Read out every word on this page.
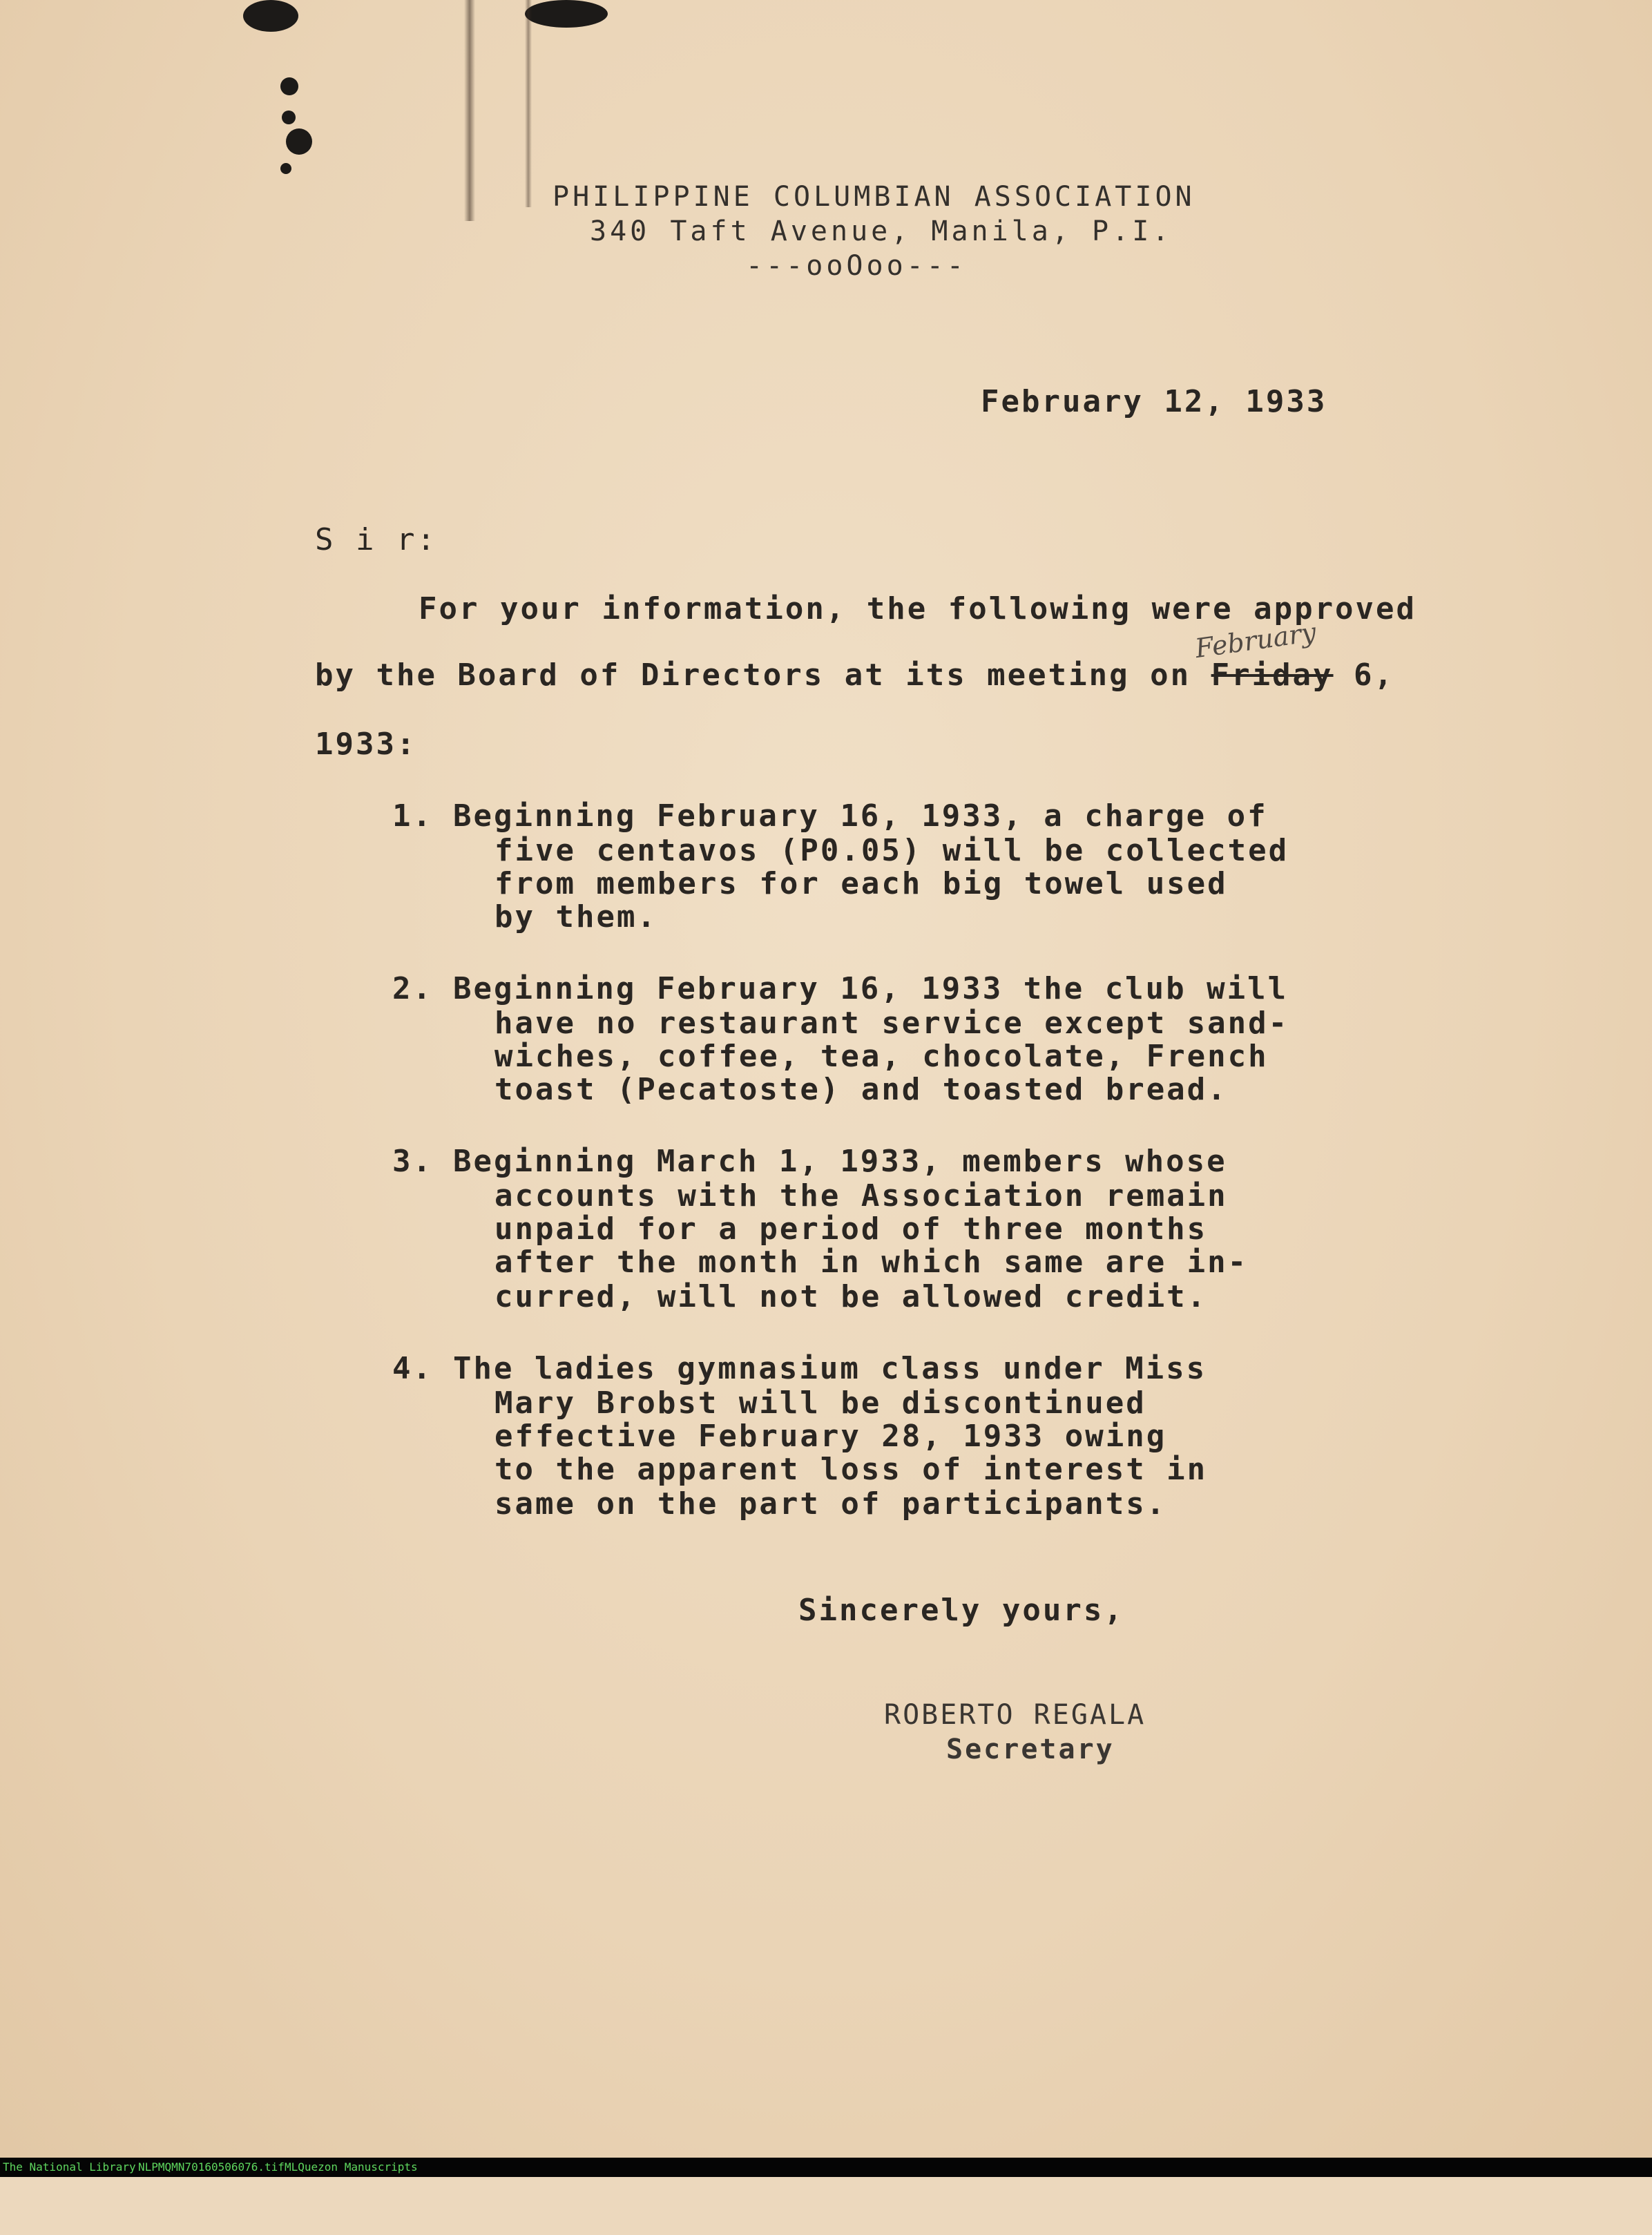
PHILIPPINE COLUMBIAN ASSOCIATION
340 Taft Avenue, Manila, P.I.
---ooOoo---
February 12, 1933
S i r:
For your information, the following were approved
by the Board of Directors at its meeting on Friday 6,
February
1933:
1. Beginning February 16, 1933, a charge of
five centavos (P0.05) will be collected
from members for each big towel used
by them.
2. Beginning February 16, 1933 the club will
have no restaurant service except sand-
wiches, coffee, tea, chocolate, French
toast (Pecatoste) and toasted bread.
3. Beginning March 1, 1933, members whose
accounts with the Association remain
unpaid for a period of three months
after the month in which same are in-
curred, will not be allowed credit.
4. The ladies gymnasium class under Miss
Mary Brobst will be discontinued
effective February 28, 1933 owing
to the apparent loss of interest in
same on the part of participants.
Sincerely yours,
ROBERTO REGALA
Secretary

The National Library

NLPMQMN70160506076.tif

MLQuezon Manuscripts
